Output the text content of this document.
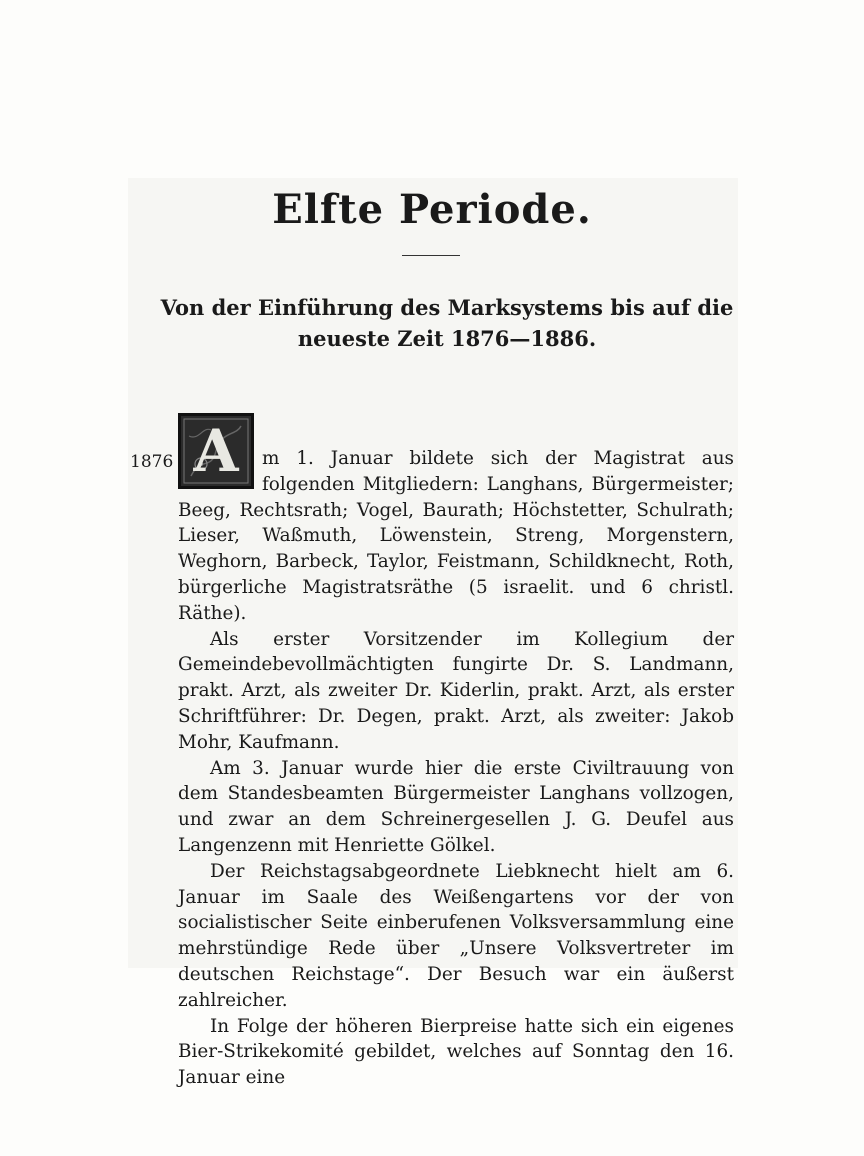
Elfte Periode.
Von der Einführung des Marksystems bis auf die
neueste Zeit 1876—1886.
1876 A	m 1. Januar bildete sich der Magistrat aus folgenden Mitgliedern: Langhans, Bürgermeister; Beeg, Rechtsrath; Vogel, Baurath; Höchstetter, Schulrath; Lieser, Waßmuth, Löwenstein, Streng, Morgenstern, Weghorn, Barbeck, Taylor, Feistmann, Schildknecht, Roth, bürgerliche Magistratsräthe (5 israelit. und 6 christl. Räthe).

Als erster Vorsitzender im Kollegium der Gemeindebevollmächtigten fungirte Dr. S. Landmann, prakt. Arzt, als zweiter Dr. Kiderlin, prakt. Arzt, als erster Schriftführer: Dr. Degen, prakt. Arzt, als zweiter: Jakob Mohr, Kaufmann.

Am 3. Januar wurde hier die erste Civiltrauung von dem Standesbeamten Bürgermeister Langhans vollzogen, und zwar an dem Schreinergesellen J. G. Deufel aus Langenzenn mit Henriette Gölkel.

Der Reichstagsabgeordnete Liebknecht hielt am 6. Januar im Saale des Weißengartens vor der von socialistischer Seite einberufenen Volksversammlung eine mehrstündige Rede über „Unsere Volksvertreter im deutschen Reichstage“. Der Besuch war ein äußerst zahlreicher.

In Folge der höheren Bierpreise hatte sich ein eigenes Bier-Strikekomité gebildet, welches auf Sonntag den 16. Januar eine
